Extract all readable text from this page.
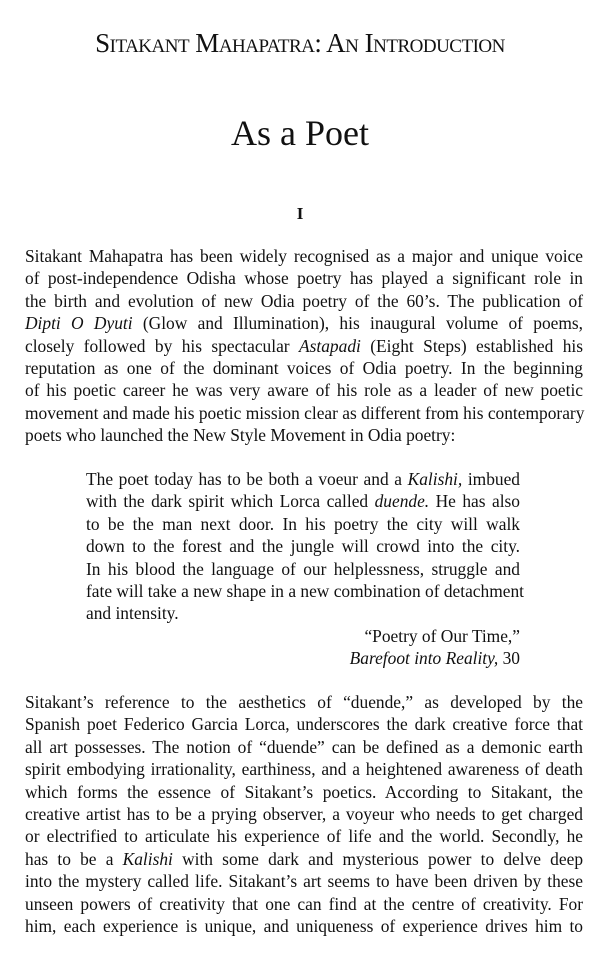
Sitakant Mahapatra: An Introduction
As a Poet
I
Sitakant Mahapatra has been widely recognised as a major and unique voice
of post-independence Odisha whose poetry has played a significant role in
the birth and evolution of new Odia poetry of the 60’s. The publication of
Dipti O Dyuti (Glow and Illumination), his inaugural volume of poems,
closely followed by his spectacular Astapadi (Eight Steps) established his
reputation as one of the dominant voices of Odia poetry. In the beginning
of his poetic career he was very aware of his role as a leader of new poetic
movement and made his poetic mission clear as different from his contemporary
poets who launched the New Style Movement in Odia poetry:
The poet today has to be both a voeur and a Kalishi, imbued
with the dark spirit which Lorca called duende. He has also
to be the man next door. In his poetry the city will walk
down to the forest and the jungle will crowd into the city.
In his blood the language of our helplessness, struggle and
fate will take a new shape in a new combination of detachment
and intensity.
“Poetry of Our Time,”
Barefoot into Reality, 30
Sitakant’s reference to the aesthetics of “duende,” as developed by the
Spanish poet Federico Garcia Lorca, underscores the dark creative force that
all art possesses. The notion of “duende” can be defined as a demonic earth
spirit embodying irrationality, earthiness, and a heightened awareness of death
which forms the essence of Sitakant’s poetics. According to Sitakant, the
creative artist has to be a prying observer, a voyeur who needs to get charged
or electrified to articulate his experience of life and the world. Secondly, he
has to be a Kalishi with some dark and mysterious power to delve deep
into the mystery called life. Sitakant’s art seems to have been driven by these
unseen powers of creativity that one can find at the centre of creativity. For
him, each experience is unique, and uniqueness of experience drives him to
